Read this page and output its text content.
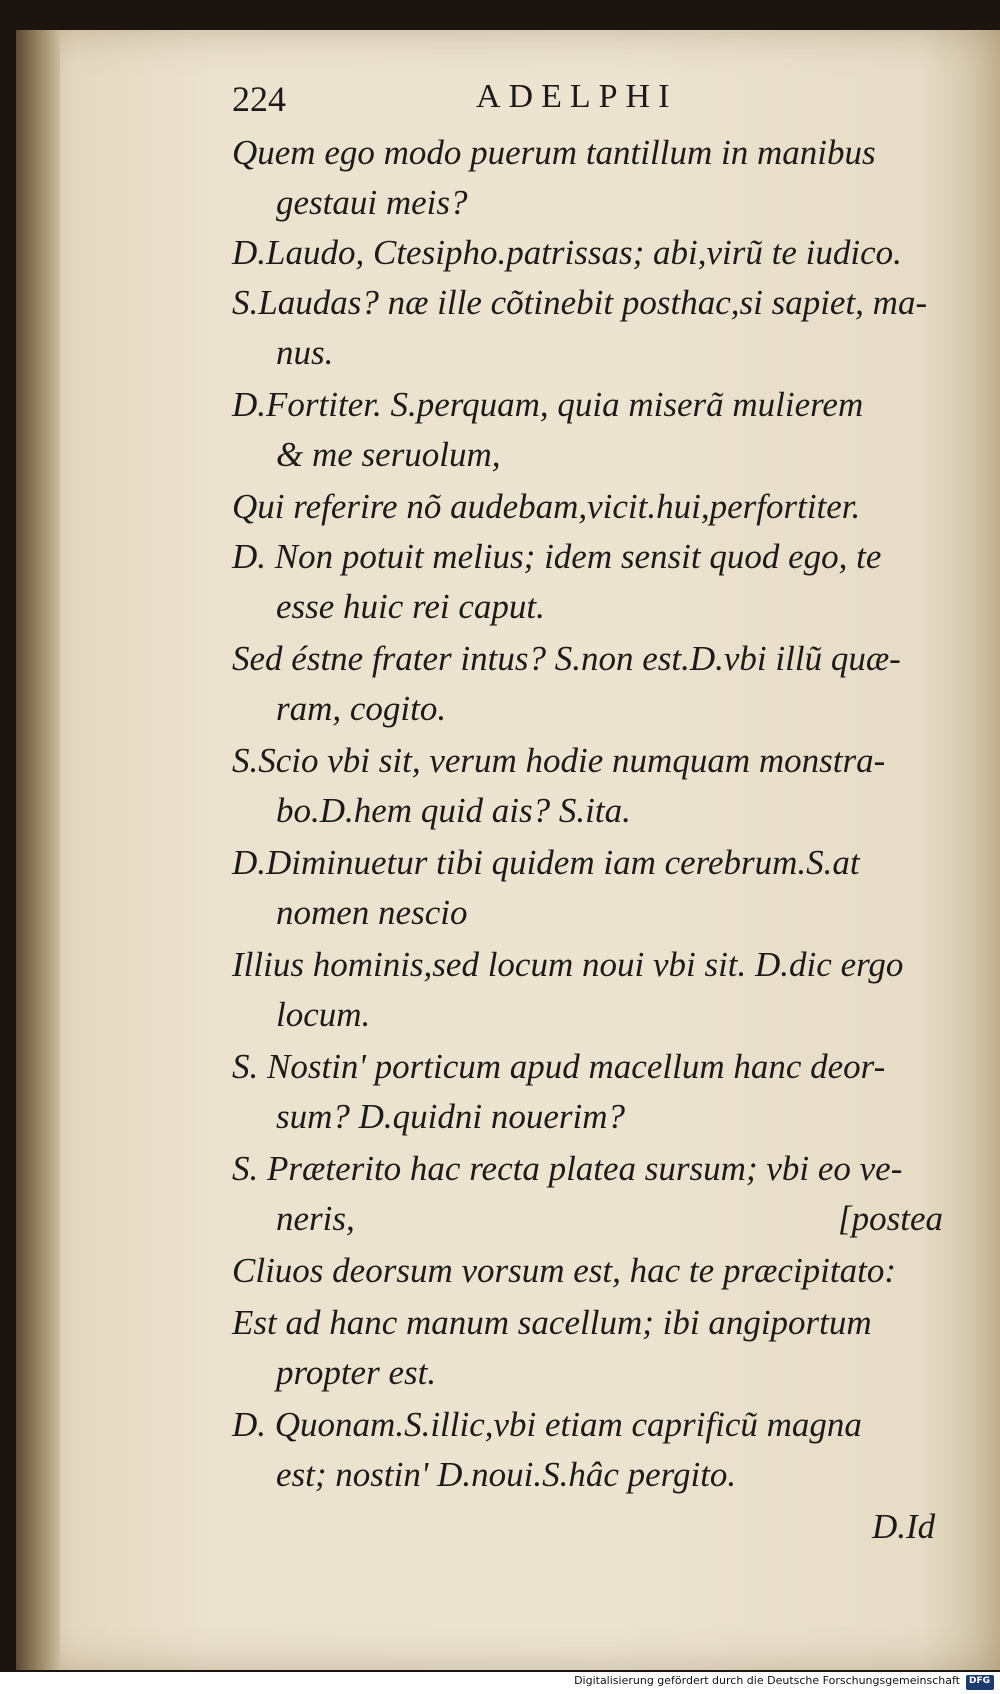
224	ADELPHI
Quem ego modo puerum tantillum in manibus
gestaui meis?
D.Laudo, Ctesipho.patrissas; abi,virũ te iudico.
S.Laudas? næ ille cõtinebit posthac,si sapiet, ma-
nus.
D.Fortiter. S.perquam, quia miserã mulierem
& me seruolum,
Qui referire nõ audebam,vicit.hui,perfortiter.
D. Non potuit melius; idem sensit quod ego, te
esse huic rei caput.
Sed éstne frater intus? S.non est.D.vbi illũ quæ-
ram, cogito.
S.Scio vbi sit, verum hodie numquam monstra-
bo.D.hem quid ais? S.ita.
D.Diminuetur tibi quidem iam cerebrum.S.at
nomen nescio
Illius hominis,sed locum noui vbi sit. D.dic ergo
locum.
S. Nostin' porticum apud macellum hanc deor-
sum? D.quidni nouerim?
S. Præterito hac recta platea sursum; vbi eo ve-
neris,	[postea
Cliuos deorsum vorsum est, hac te præcipitato:
Est ad hanc manum sacellum; ibi angiportum
propter est.
D. Quonam.S.illic,vbi etiam caprificũ magna
est; nostin' D.noui.S.hâc pergito.
D.Id
Digitalisierung gefördert durch die Deutsche Forschungsgemeinschaft DFG
